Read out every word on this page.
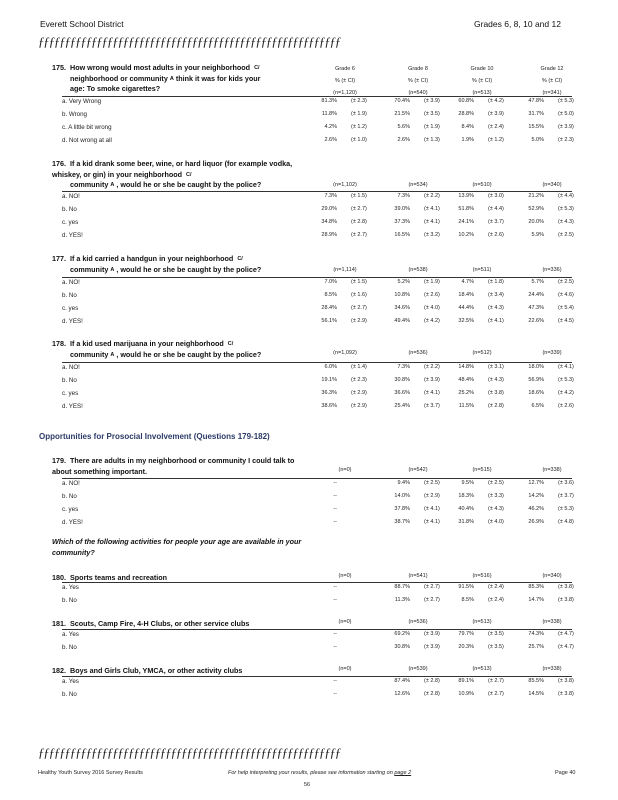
Everett School District	Grades 6, 8, 10 and 12
ƒƒƒƒƒƒƒƒƒƒƒƒƒƒƒƒƒƒƒƒƒƒƒƒƒƒƒƒƒƒƒƒƒƒƒƒƒƒƒƒƒƒƒƒƒƒƒƒƒƒƒƒƒƒƒƒƒ
Grade 6
% (± CI)
Grade 8
% (± CI)
Grade 10
% (± CI)
Grade 12
% (± CI)
175. How wrong would most adults in your neighborhood $^{C/}$
neighborhood or community $^A$ think it was for kids your
age: To smoke cigarettes?	(n=1,120)	(n=540)	(n=513)	(n=341)
a. Very Wrong	81.3%	(± 2.3)	70.4%	(± 3.9)	60.8%	(± 4.2)	47.8%	(± 5.3)
b. Wrong	11.8%	(± 1.9)	21.5%	(± 3.5)	28.8%	(± 3.9)	31.7%	(± 5.0)
c. A little bit wrong	4.2%	(± 1.2)	5.6%	(± 1.9)	8.4%	(± 2.4)	15.5%	(± 3.9)
d. Not wrong at all	2.6%	(± 1.0)	2.6%	(± 1.3)	1.9%	(± 1.2)	5.0%	(± 2.3)
176. If a kid drank some beer, wine, or hard liquor (for example vodka, whiskey, or gin) in your neighborhood $^{C/}$
community $^A$ , would he or she be caught by the police?	(n=1,102)	(n=534)	(n=510)	(n=340)
a. NO!	7.3%	(± 1.5)	7.3%	(± 2.2)	13.9%	(± 3.0)	21.2%	(± 4.4)
b. No	29.0%	(± 2.7)	39.0%	(± 4.1)	51.8%	(± 4.4)	52.9%	(± 5.3)
c. yes	34.8%	(± 2.8)	37.3%	(± 4.1)	24.1%	(± 3.7)	20.0%	(± 4.3)
d. YES!	28.9%	(± 2.7)	16.5%	(± 3.2)	10.2%	(± 2.6)	5.9%	(± 2.5)
177. If a kid carried a handgun in your neighborhood $^{C/}$
community $^A$ , would he or she be caught by the police?	(n=1,114)	(n=538)	(n=511)	(n=336)
a. NO!	7.0%	(± 1.5)	5.2%	(± 1.9)	4.7%	(± 1.8)	5.7%	(± 2.5)
b. No	8.5%	(± 1.6)	10.8%	(± 2.6)	18.4%	(± 3.4)	24.4%	(± 4.6)
c. yes	28.4%	(± 2.7)	34.6%	(± 4.0)	44.4%	(± 4.3)	47.3%	(± 5.4)
d. YES!	56.1%	(± 2.9)	49.4%	(± 4.2)	32.5%	(± 4.1)	22.6%	(± 4.5)
178. If a kid used marijuana in your neighborhood $^{C/}$
community $^A$ , would he or she be caught by the police?	(n=1,092)	(n=536)	(n=512)	(n=339)
a. NO!	6.0%	(± 1.4)	7.3%	(± 2.2)	14.8%	(± 3.1)	18.0%	(± 4.1)
b. No	19.1%	(± 2.3)	30.8%	(± 3.9)	48.4%	(± 4.3)	56.9%	(± 5.3)
c. yes	36.3%	(± 2.9)	36.6%	(± 4.1)	25.2%	(± 3.8)	18.6%	(± 4.2)
d. YES!	38.6%	(± 2.9)	25.4%	(± 3.7)	11.5%	(± 2.8)	6.5%	(± 2.6)
179. There are adults in my neighborhood or community I could talk to about something important.	(n=0)	(n=542)	(n=515)	(n=338)
a. NO!	--	9.4%	(± 2.5)	9.5%	(± 2.5)	12.7%	(± 3.6)
b. No	--	14.0%	(± 2.9)	18.3%	(± 3.3)	14.2%	(± 3.7)
c. yes	--	37.8%	(± 4.1)	40.4%	(± 4.3)	46.2%	(± 5.3)
d. YES!	--	38.7%	(± 4.1)	31.8%	(± 4.0)	26.9%	(± 4.8)
180. Sports teams and recreation	(n=0)	(n=541)	(n=516)	(n=340)
a. Yes	--	88.7%	(± 2.7)	91.5%	(± 2.4)	85.3%	(± 3.8)
b. No	--	11.3%	(± 2.7)	8.5%	(± 2.4)	14.7%	(± 3.8)
181. Scouts, Camp Fire, 4-H Clubs, or other service clubs	(n=0)	(n=536)	(n=513)	(n=338)
a. Yes	--	69.2%	(± 3.9)	79.7%	(± 3.5)	74.3%	(± 4.7)
b. No	--	30.8%	(± 3.9)	20.3%	(± 3.5)	25.7%	(± 4.7)
182. Boys and Girls Club, YMCA, or other activity clubs	(n=0)	(n=539)	(n=513)	(n=338)
a. Yes	--	87.4%	(± 2.8)	89.1%	(± 2.7)	85.5%	(± 3.8)
b. No	--	12.6%	(± 2.8)	10.9%	(± 2.7)	14.5%	(± 3.8)
Opportunities for Prosocial Involvement (Questions 179-182)
Which of the following activities for people your age are available in your community?
ƒƒƒƒƒƒƒƒƒƒƒƒƒƒƒƒƒƒƒƒƒƒƒƒƒƒƒƒƒƒƒƒƒƒƒƒƒƒƒƒƒƒƒƒƒƒƒƒƒƒƒƒƒƒƒƒƒ
Healthy Youth Survey 2016 Survey Results	For help interpreting your results, please see information starting on page 2	Page 40
56
